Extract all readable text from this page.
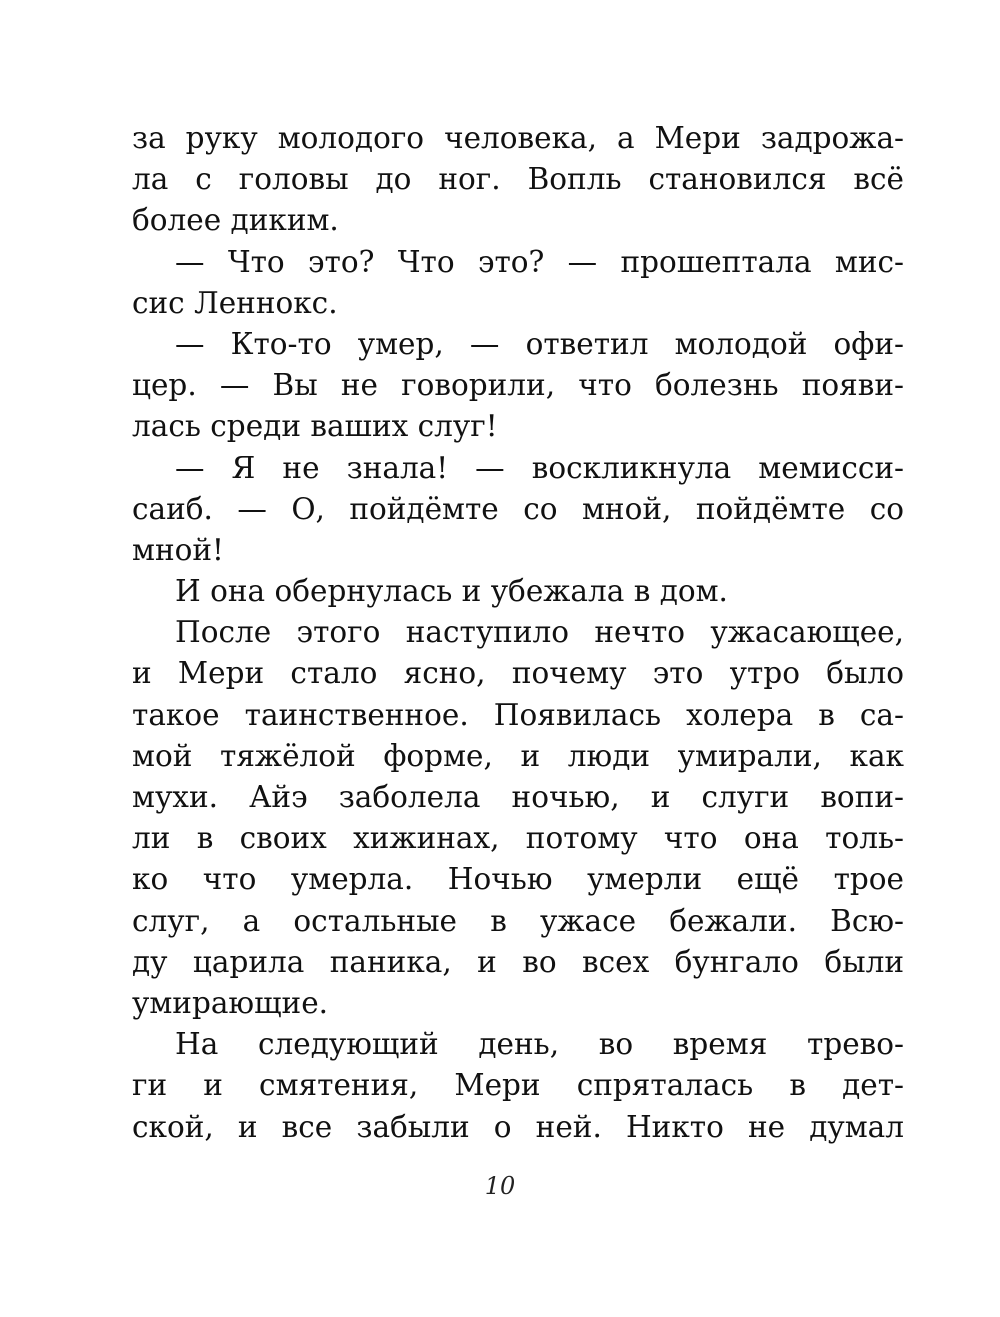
за руку молодого человека, а Мери задрожа-
ла с головы до ног. Вопль становился всё
более диким.
— Что это? Что это? — прошептала мис-
сис Леннокс.
— Кто-то умер, — ответил молодой офи-
цер. — Вы не говорили, что болезнь появи-
лась среди ваших слуг!
— Я не знала! — воскликнула мемисси-
саиб. — О, пойдёмте со мной, пойдёмте со
мной!
И она обернулась и убежала в дом.
После этого наступило нечто ужасающее,
и Мери стало ясно, почему это утро было
такое таинственное. Появилась холера в са-
мой тяжёлой форме, и люди умирали, как
мухи. Айэ заболела ночью, и слуги вопи-
ли в своих хижинах, потому что она толь-
ко что умерла. Ночью умерли ещё трое
слуг, а остальные в ужасе бежали. Всю-
ду царила паника, и во всех бунгало были
умирающие.
На следующий день, во время трево-
ги и смятения, Мери спряталась в дет-
ской, и все забыли о ней. Никто не думал
10
